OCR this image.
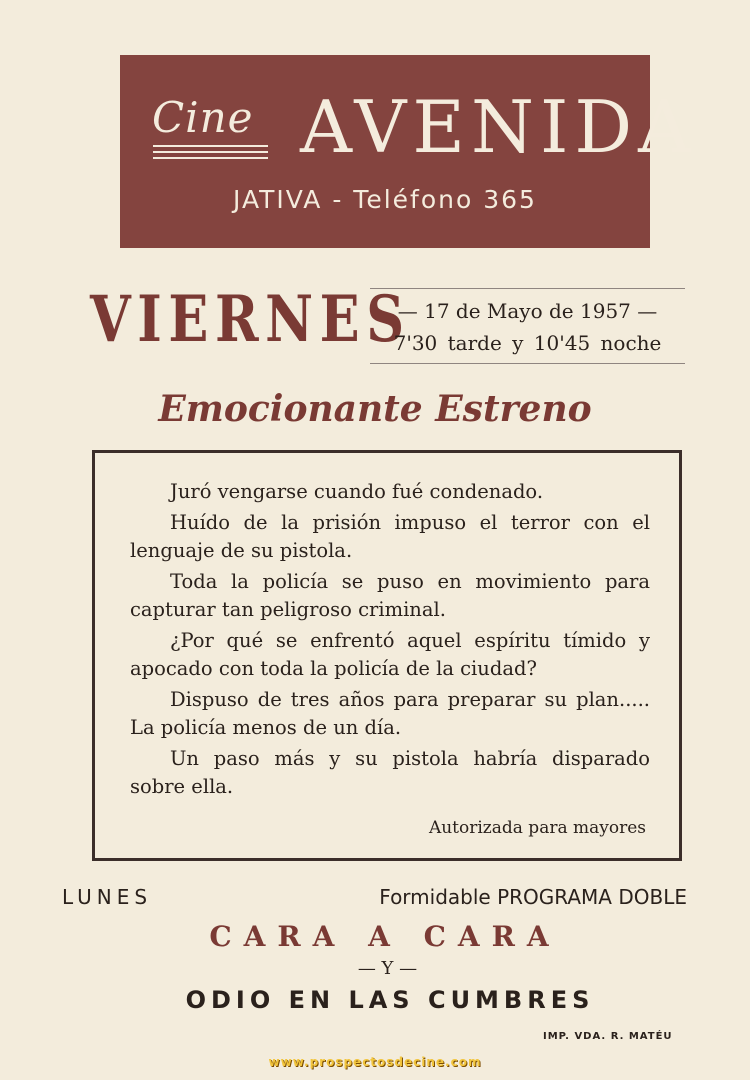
Cine AVENIDA
JATIVA - Teléfono 365
VIERNES
— 17 de Mayo de 1957 —
7'30 tarde y 10'45 noche
Emocionante Estreno

Juró vengarse cuando fué condenado.

Huído de la prisión impuso el terror con el lenguaje de su pistola.

Toda la policía se puso en movimiento para capturar tan peligroso criminal.

¿Por qué se enfrentó aquel espíritu tímido y apocado con toda la policía de la ciudad?

Dispuso de tres años para preparar su plan..... La policía menos de un día.

Un paso más y su pistola habría disparado sobre ella.

Autorizada para mayores
LUNES	Formidable PROGRAMA DOBLE
CARA A CARA
— Y —
ODIO EN LAS CUMBRES
IMP. VDA. R. MATÉU
www.prospectosdecine.com
